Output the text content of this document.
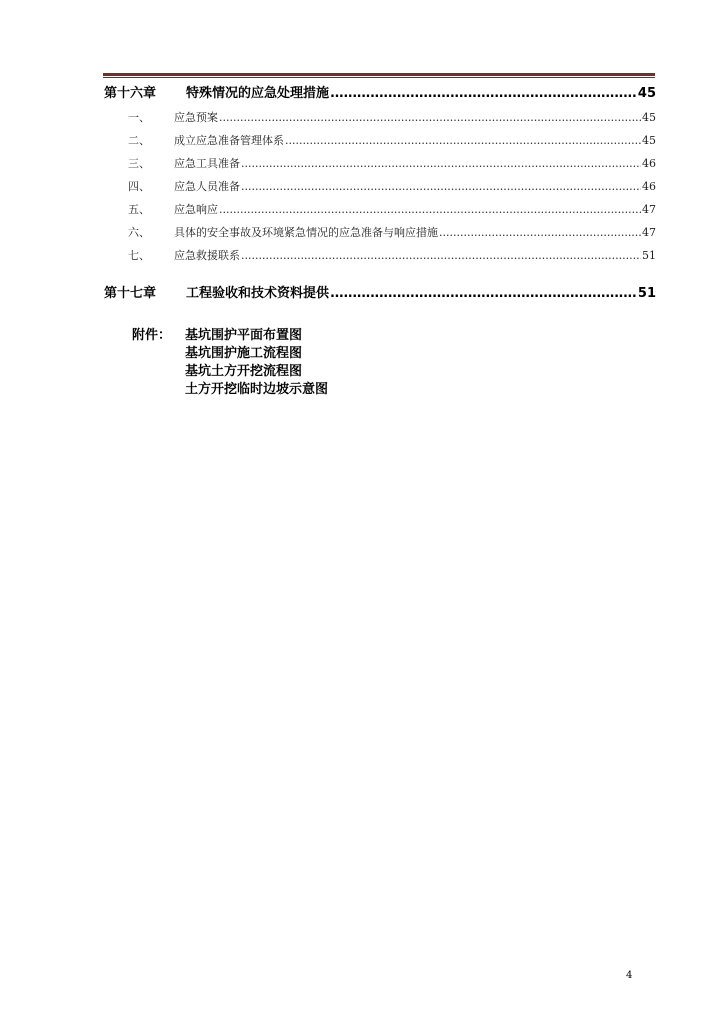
第十六章	特殊情况的应急处理措施 .....	45
一、	应急预案 .....	45
二、	成立应急准备管理体系 .....	45
三、	应急工具准备 .....	46
四、	应急人员准备 .....	46
五、	应急响应 .....	47
六、	具体的安全事故及环境紧急情况的应急准备与响应措施 .....	47
七、	应急救援联系 .....	51
第十七章	工程验收和技术资料提供 .....	51
附件：	基坑围护平面布置图
基坑围护施工流程图
基坑土方开挖流程图
土方开挖临时边坡示意图
4
